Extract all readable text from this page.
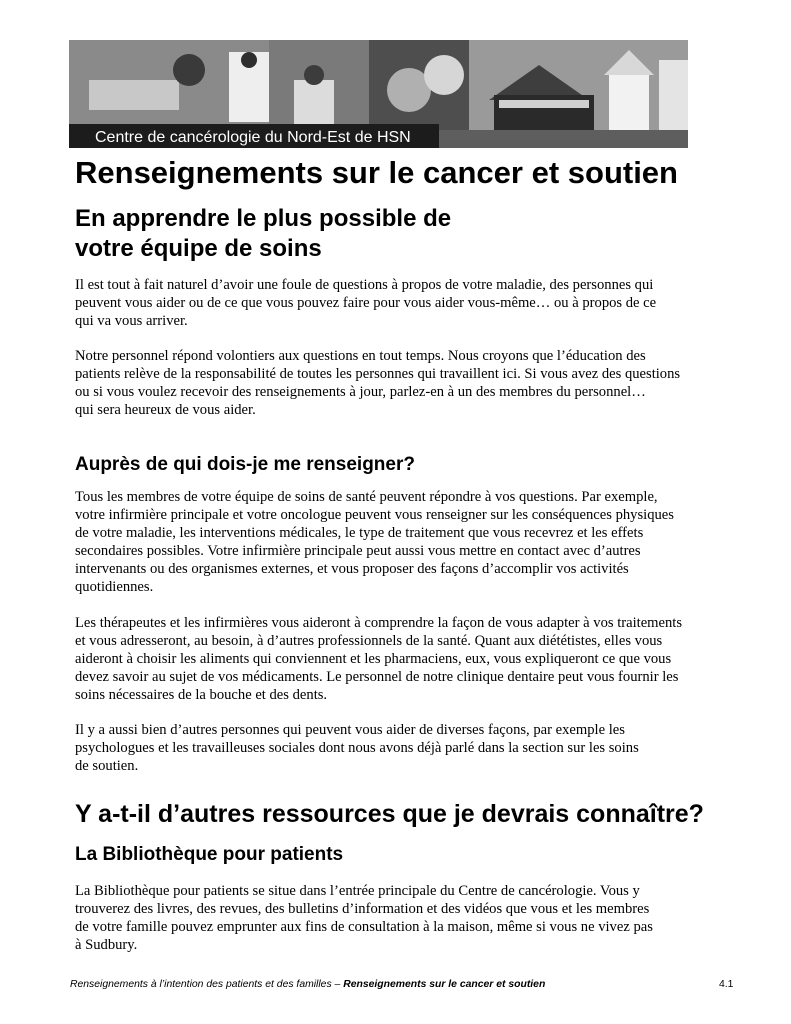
Centre de cancérologie du Nord-Est de HSN
Renseignements sur le cancer et soutien
En apprendre le plus possible de
votre équipe de soins

Il est tout à fait naturel d’avoir une foule de questions à propos de votre maladie, des personnes qui
peuvent vous aider ou de ce que vous pouvez faire pour vous aider vous-même… ou à propos de ce
qui va vous arriver.

Notre personnel répond volontiers aux questions en tout temps. Nous croyons que l’éducation des
patients relève de la responsabilité de toutes les personnes qui travaillent ici. Si vous avez des questions
ou si vous voulez recevoir des renseignements à jour, parlez-en à un des membres du personnel…
qui sera heureux de vous aider.

Auprès de qui dois-je me renseigner?

Tous les membres de votre équipe de soins de santé peuvent répondre à vos questions. Par exemple,
votre infirmière principale et votre oncologue peuvent vous renseigner sur les conséquences physiques
de votre maladie, les interventions médicales, le type de traitement que vous recevrez et les effets
secondaires possibles. Votre infirmière principale peut aussi vous mettre en contact avec d’autres
intervenants ou des organismes externes, et vous proposer des façons d’accomplir vos activités
quotidiennes.

Les thérapeutes et les infirmières vous aideront à comprendre la façon de vous adapter à vos traitements
et vous adresseront, au besoin, à d’autres professionnels de la santé. Quant aux diététistes, elles vous
aideront à choisir les aliments qui conviennent et les pharmaciens, eux, vous expliqueront ce que vous
devez savoir au sujet de vos médicaments. Le personnel de notre clinique dentaire peut vous fournir les
soins nécessaires de la bouche et des dents.

Il y a aussi bien d’autres personnes qui peuvent vous aider de diverses façons, par exemple les
psychologues et les travailleuses sociales dont nous avons déjà parlé dans la section sur les soins
de soutien.

Y a-t-il d’autres ressources que je devrais connaître?
La Bibliothèque pour patients

La Bibliothèque pour patients se situe dans l’entrée principale du Centre de cancérologie. Vous y
trouverez des livres, des revues, des bulletins d’information et des vidéos que vous et les membres
de votre famille pouvez emprunter aux fins de consultation à la maison, même si vous ne vivez pas
à Sudbury.

Renseignements à l’intention des patients et des familles – Renseignements sur le cancer et soutien	4.1
